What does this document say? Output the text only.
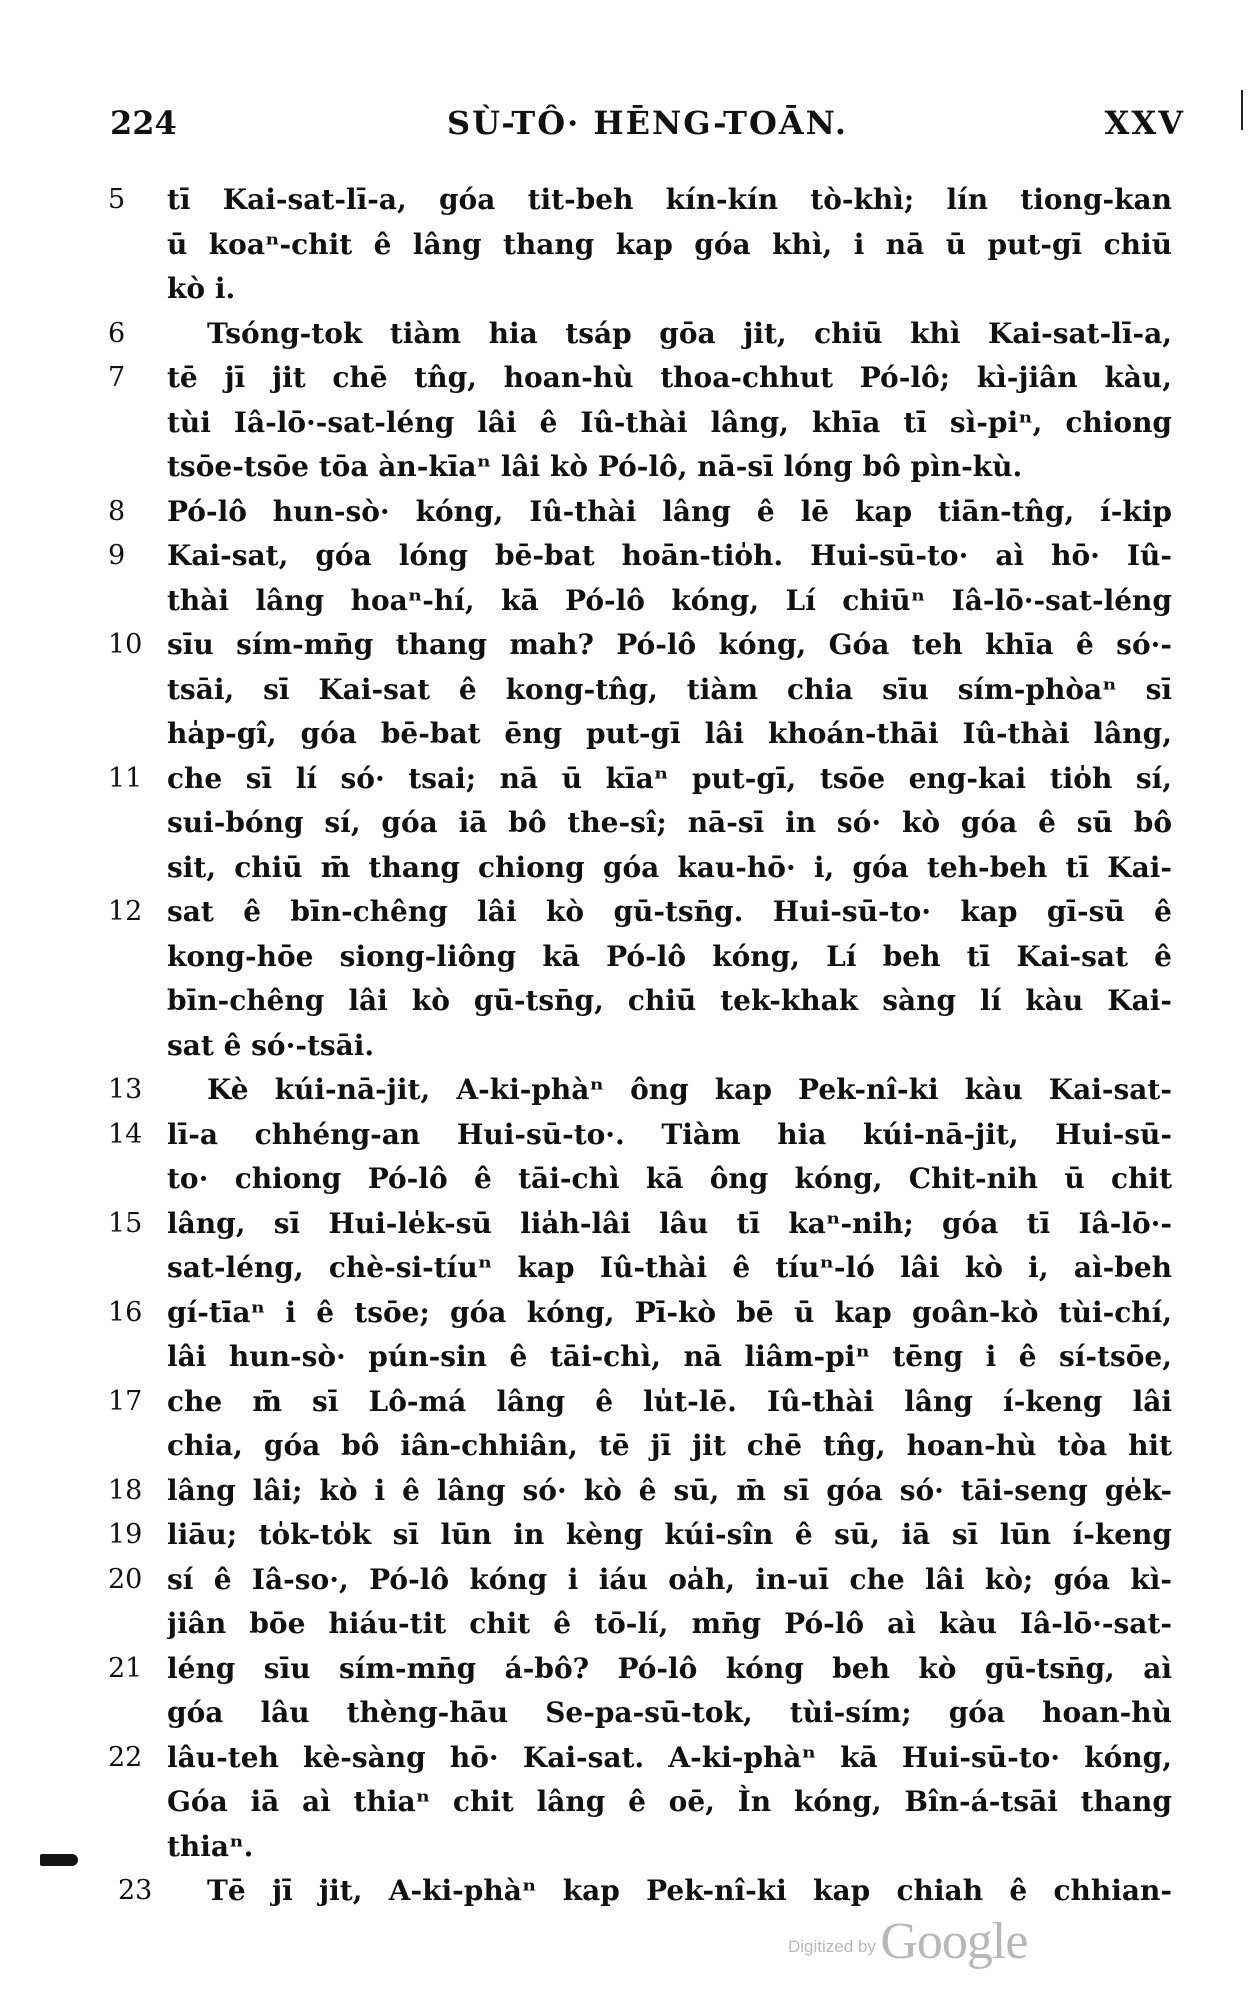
224	SÙ-TÔ· HĒNG-TOĀN.	XXV
5	tī Kai-sat-lī-a, góa tit-beh kín-kín tò-khì; lín tiong-kan
ū koaⁿ-chit ê lâng thang kap góa khì, i nā ū put-gī chiū
kò i.
6	Tsóng-tok tiàm hia tsáp gōa jit, chiū khì Kai-sat-lī-a,
7	tē jī jit chē tn̂g, hoan-hù thoa-chhut Pó-lô; kì-jiân kàu,
tùi Iâ-lō·-sat-léng lâi ê Iû-thài lâng, khīa tī sì-piⁿ, chiong
tsōe-tsōe tōa àn-kīaⁿ lâi kò Pó-lô, nā-sī lóng bô pìn-kù.
8	Pó-lô hun-sò· kóng, Iû-thài lâng ê lē kap tiān-tn̂g, í-kip
9	Kai-sat, góa lóng bē-bat hoān-tio̍h. Hui-sū-to· aì hō· Iû-
thài lâng hoaⁿ-hí, kā Pó-lô kóng, Lí chiūⁿ Iâ-lō·-sat-léng
10 sīu sím-mn̄g thang mah? Pó-lô kóng, Góa teh khīa ê só·-
tsāi, sī Kai-sat ê kong-tn̂g, tiàm chia sīu sím-phòaⁿ sī
ha̍p-gî, góa bē-bat ēng put-gī lâi khoán-thāi Iû-thài lâng,
11 che sī lí só· tsai; nā ū kīaⁿ put-gī, tsōe eng-kai tio̍h sí,
sui-bóng sí, góa iā bô the-sî; nā-sī in só· kò góa ê sū bô
sit, chiū m̄ thang chiong góa kau-hō· i, góa teh-beh tī Kai-
12 sat ê bīn-chêng lâi kò gū-tsn̄g. Hui-sū-to· kap gī-sū ê
kong-hōe siong-liông kā Pó-lô kóng, Lí beh tī Kai-sat ê
bīn-chêng lâi kò gū-tsn̄g, chiū tek-khak sàng lí kàu Kai-
sat ê só·-tsāi.
13	Kè kúi-nā-jit, A-ki-phàⁿ ông kap Pek-nî-ki kàu Kai-sat-
14 lī-a chhéng-an Hui-sū-to·. Tiàm hia kúi-nā-jit, Hui-sū-
to· chiong Pó-lô ê tāi-chì kā ông kóng, Chit-nih ū chit
15 lâng, sī Hui-le̍k-sū lia̍h-lâi lâu tī kaⁿ-nih; góa tī Iâ-lō·-
sat-léng, chè-si-tíuⁿ kap Iû-thài ê tíuⁿ-ló lâi kò i, aì-beh
16 gí-tīaⁿ i ê tsōe; góa kóng, Pī-kò bē ū kap goân-kò tùi-chí,
lâi hun-sò· pún-sin ê tāi-chì, nā liâm-piⁿ tēng i ê sí-tsōe,
17 che m̄ sī Lô-má lâng ê lu̍t-lē. Iû-thài lâng í-keng lâi
chia, góa bô iân-chhiân, tē jī jit chē tn̂g, hoan-hù tòa hit
18 lâng lâi; kò i ê lâng só· kò ê sū, m̄ sī góa só· tāi-seng ge̍k-
19 liāu; to̍k-to̍k sī lūn in kèng kúi-sîn ê sū, iā sī lūn í-keng
20 sí ê Iâ-so·, Pó-lô kóng i iáu oa̍h, in-uī che lâi kò; góa kì-
jiân bōe hiáu-tit chit ê tō-lí, mn̄g Pó-lô aì kàu Iâ-lō·-sat-
21 léng sīu sím-mn̄g á-bô? Pó-lô kóng beh kò gū-tsn̄g, aì
góa lâu thèng-hāu Se-pa-sū-tok, tùi-sím; góa hoan-hù
22 lâu-teh kè-sàng hō· Kai-sat. A-ki-phàⁿ kā Hui-sū-to· kóng,
Góa iā aì thiaⁿ chit lâng ê oē, Ìn kóng, Bîn-á-tsāi thang
thiaⁿ.
23	Tē jī jit, A-ki-phàⁿ kap Pek-nî-ki kap chiah ê chhian-
Digitized by Google
